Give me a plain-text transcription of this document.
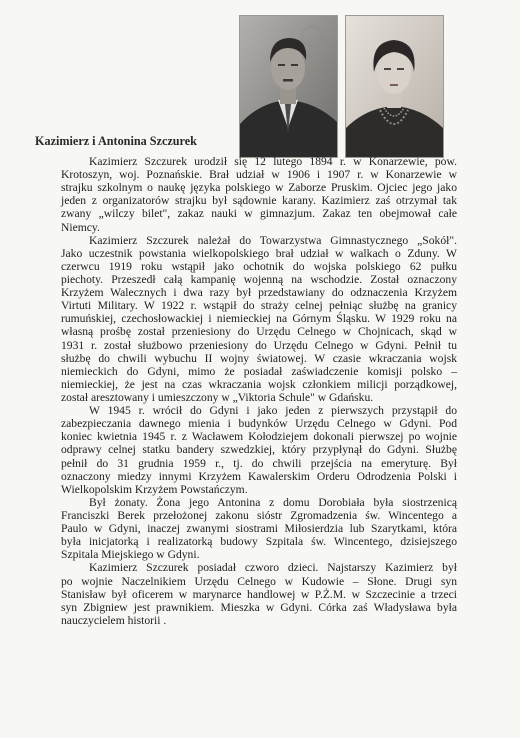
Kazimierz i Antonina Szczurek
Kazimierz Szczurek urodził się 12 lutego 1894 r. w Konarzewie, pow.
Krotoszyn, woj. Poznańskie. Brał udział w 1906 i 1907 r. w Konarzewie w
strajku szkolnym o naukę języka polskiego w Zaborze Pruskim. Ojciec jego jako
jeden z organizatorów strajku był sądownie karany. Kazimierz zaś otrzymał tak
zwany „wilczy bilet", zakaz nauki w gimnazjum. Zakaz ten obejmował całe
Niemcy.
Kazimierz Szczurek należał do Towarzystwa Gimnastycznego „Sokół".
Jako uczestnik powstania wielkopolskiego brał udział w walkach o Zduny. W
czerwcu 1919 roku wstąpił jako ochotnik do wojska polskiego 62 pułku
piechoty. Przeszedł całą kampanię wojenną na wschodzie. Został oznaczony
Krzyżem Walecznych i dwa razy był przedstawiany do odznaczenia Krzyżem
Virtuti Military. W 1922 r. wstąpił do straży celnej pełniąc służbę na granicy
rumuńskiej, czechosłowackiej i niemieckiej na Górnym Śląsku. W 1929 roku na
własną prośbę został przeniesiony do Urzędu Celnego w Chojnicach, skąd w
1931 r. został służbowo przeniesiony do Urzędu Celnego w Gdyni. Pełnił tu
służbę do chwili wybuchu II wojny światowej. W czasie wkraczania wojsk
niemieckich do Gdyni, mimo że posiadał zaświadczenie komisji polsko –
niemieckiej, że jest na czas wkraczania wojsk członkiem milicji porządkowej,
został aresztowany i umieszczony w „Viktoria Schule" w Gdańsku.
W 1945 r. wrócił do Gdyni i jako jeden z pierwszych przystąpił do
zabezpieczania dawnego mienia i budynków Urzędu Celnego w Gdyni. Pod
koniec kwietnia 1945 r. z Wacławem Kołodziejem dokonali pierwszej po wojnie
odprawy celnej statku bandery szwedzkiej, który przypłynął do Gdyni. Służbę
pełnił do 31 grudnia 1959 r., tj. do chwili przejścia na emeryturę. Był
oznaczony miedzy innymi Krzyżem Kawalerskim Orderu Odrodzenia Polski i
Wielkopolskim Krzyżem Powstańczym.
Był żonaty. Żona jego Antonina z domu Dorobiała była siostrzenicą
Franciszki Berek przełożonej zakonu sióstr Zgromadzenia św. Wincentego a
Paulo w Gdyni, inaczej zwanymi siostrami Miłosierdzia lub Szarytkami, która
była inicjatorką i realizatorką budowy Szpitala św. Wincentego, dzisiejszego
Szpitala Miejskiego w Gdyni.
Kazimierz Szczurek posiadał czworo dzieci. Najstarszy Kazimierz był
po wojnie Naczelnikiem Urzędu Celnego w Kudowie – Słone. Drugi syn
Stanisław był oficerem w marynarce handlowej w P.Ż.M. w Szczecinie a trzeci
syn Zbigniew jest prawnikiem. Mieszka w Gdyni. Córka zaś Władysława była
nauczycielem historii .
